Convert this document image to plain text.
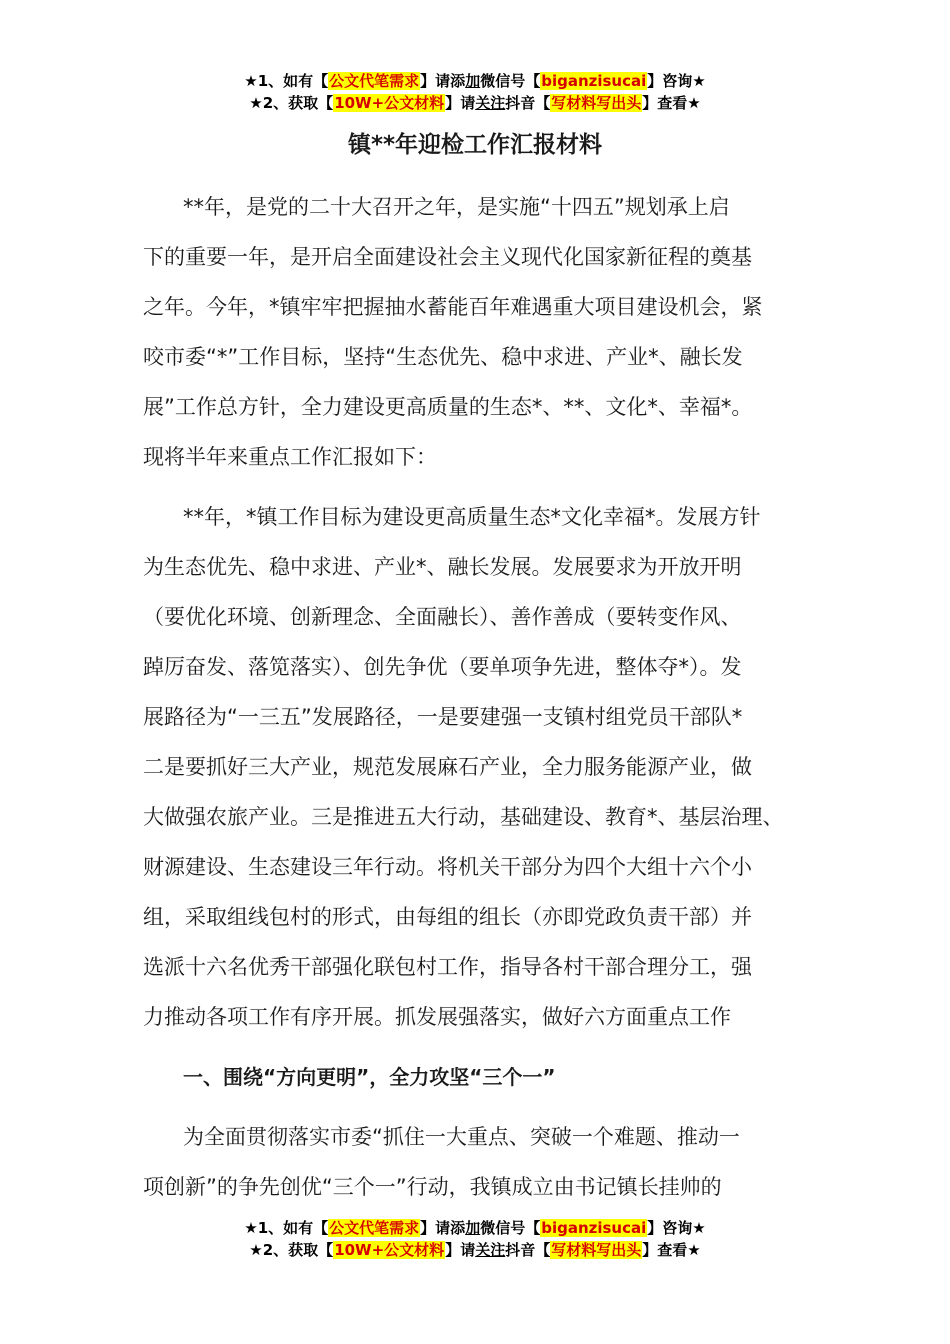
★1、如有【公文代笔需求】请添加微信号【biganzisucai】咨询★
★2、获取【10W+公文材料】请关注抖音【写材料写出头】查看★
镇**年迎检工作汇报材料
**年，是党的二十大召开之年，是实施“十四五”规划承上启
下的重要一年，是开启全面建设社会主义现代化国家新征程的奠基
之年。今年，*镇牢牢把握抽水蓄能百年难遇重大项目建设机会，紧
咬市委“*”工作目标，坚持“生态优先、稳中求进、产业*、融长发
展”工作总方针，全力建设更高质量的生态*、**、文化*、幸福*。
现将半年来重点工作汇报如下：
**年，*镇工作目标为建设更高质量生态*文化幸福*。发展方针
为生态优先、稳中求进、产业*、融长发展。发展要求为开放开明
（要优化环境、创新理念、全面融长）、善作善成（要转变作风、
踔厉奋发、落笕落实）、创先争优（要单项争先进，整体夺*）。发
展路径为“一三五”发展路径，一是要建强一支镇村组党员干部队*
二是要抓好三大产业，规范发展麻石产业，全力服务能源产业，做
大做强农旅产业。三是推进五大行动，基础建设、教育*、基层治理、
财源建设、生态建设三年行动。将机关干部分为四个大组十六个小
组，采取组线包村的形式，由每组的组长（亦即党政负责干部）并
选派十六名优秀干部强化联包村工作，指导各村干部合理分工，强
力推动各项工作有序开展。抓发展强落实，做好六方面重点工作
一、围绕“方向更明”，全力攻坚“三个一”
为全面贯彻落实市委“抓住一大重点、突破一个难题、推动一
项创新”的争先创优“三个一”行动，我镇成立由书记镇长挂帅的
★1、如有【公文代笔需求】请添加微信号【biganzisucai】咨询★
★2、获取【10W+公文材料】请关注抖音【写材料写出头】查看★
